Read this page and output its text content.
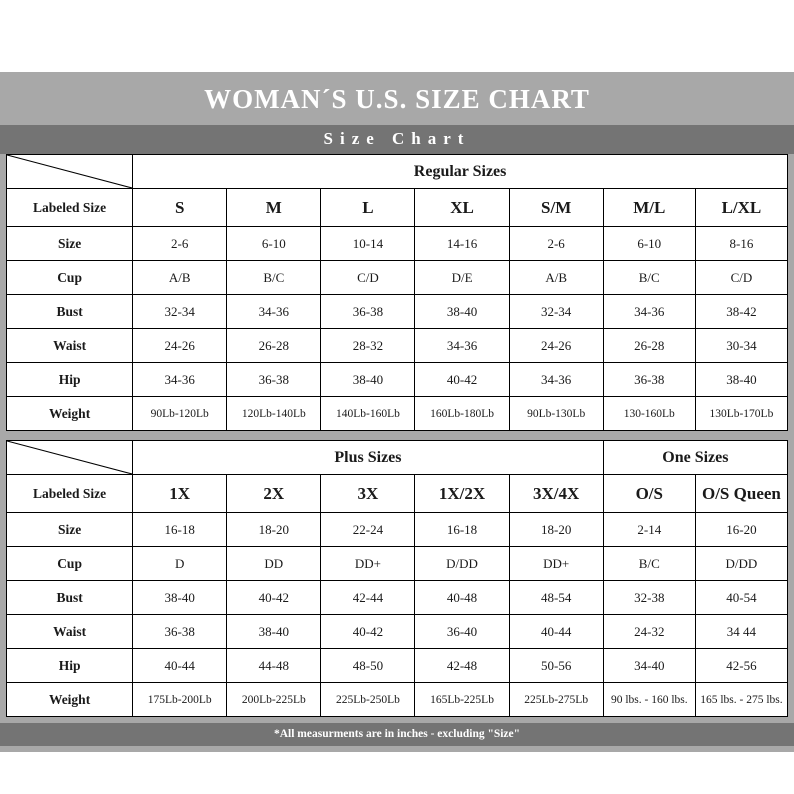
WOMAN´S U.S. SIZE CHART
Size Chart
	Regular Sizes						
Labeled Size	S	M	L	XL	S/M	M/L	L/XL
Size	2-6	6-10	10-14	14-16	2-6	6-10	8-16
Cup	A/B	B/C	C/D	D/E	A/B	B/C	C/D
Bust	32-34	34-36	36-38	38-40	32-34	34-36	38-42
Waist	24-26	26-28	28-32	34-36	24-26	26-28	30-34
Hip	34-36	36-38	38-40	40-42	34-36	36-38	38-40
Weight	90Lb-120Lb	120Lb-140Lb	140Lb-160Lb	160Lb-180Lb	90Lb-130Lb	130-160Lb	130Lb-170Lb
	Plus Sizes					One Sizes	
Labeled Size	1X	2X	3X	1X/2X	3X/4X	O/S	O/S Queen
Size	16-18	18-20	22-24	16-18	18-20	2-14	16-20
Cup	D	DD	DD+	D/DD	DD+	B/C	D/DD
Bust	38-40	40-42	42-44	40-48	48-54	32-38	40-54
Waist	36-38	38-40	40-42	36-40	40-44	24-32	34 44
Hip	40-44	44-48	48-50	42-48	50-56	34-40	42-56
Weight	175Lb-200Lb	200Lb-225Lb	225Lb-250Lb	165Lb-225Lb	225Lb-275Lb	90 lbs. - 160 lbs.	165 lbs. - 275 lbs.
*All measurments are in inches - excluding "Size"
